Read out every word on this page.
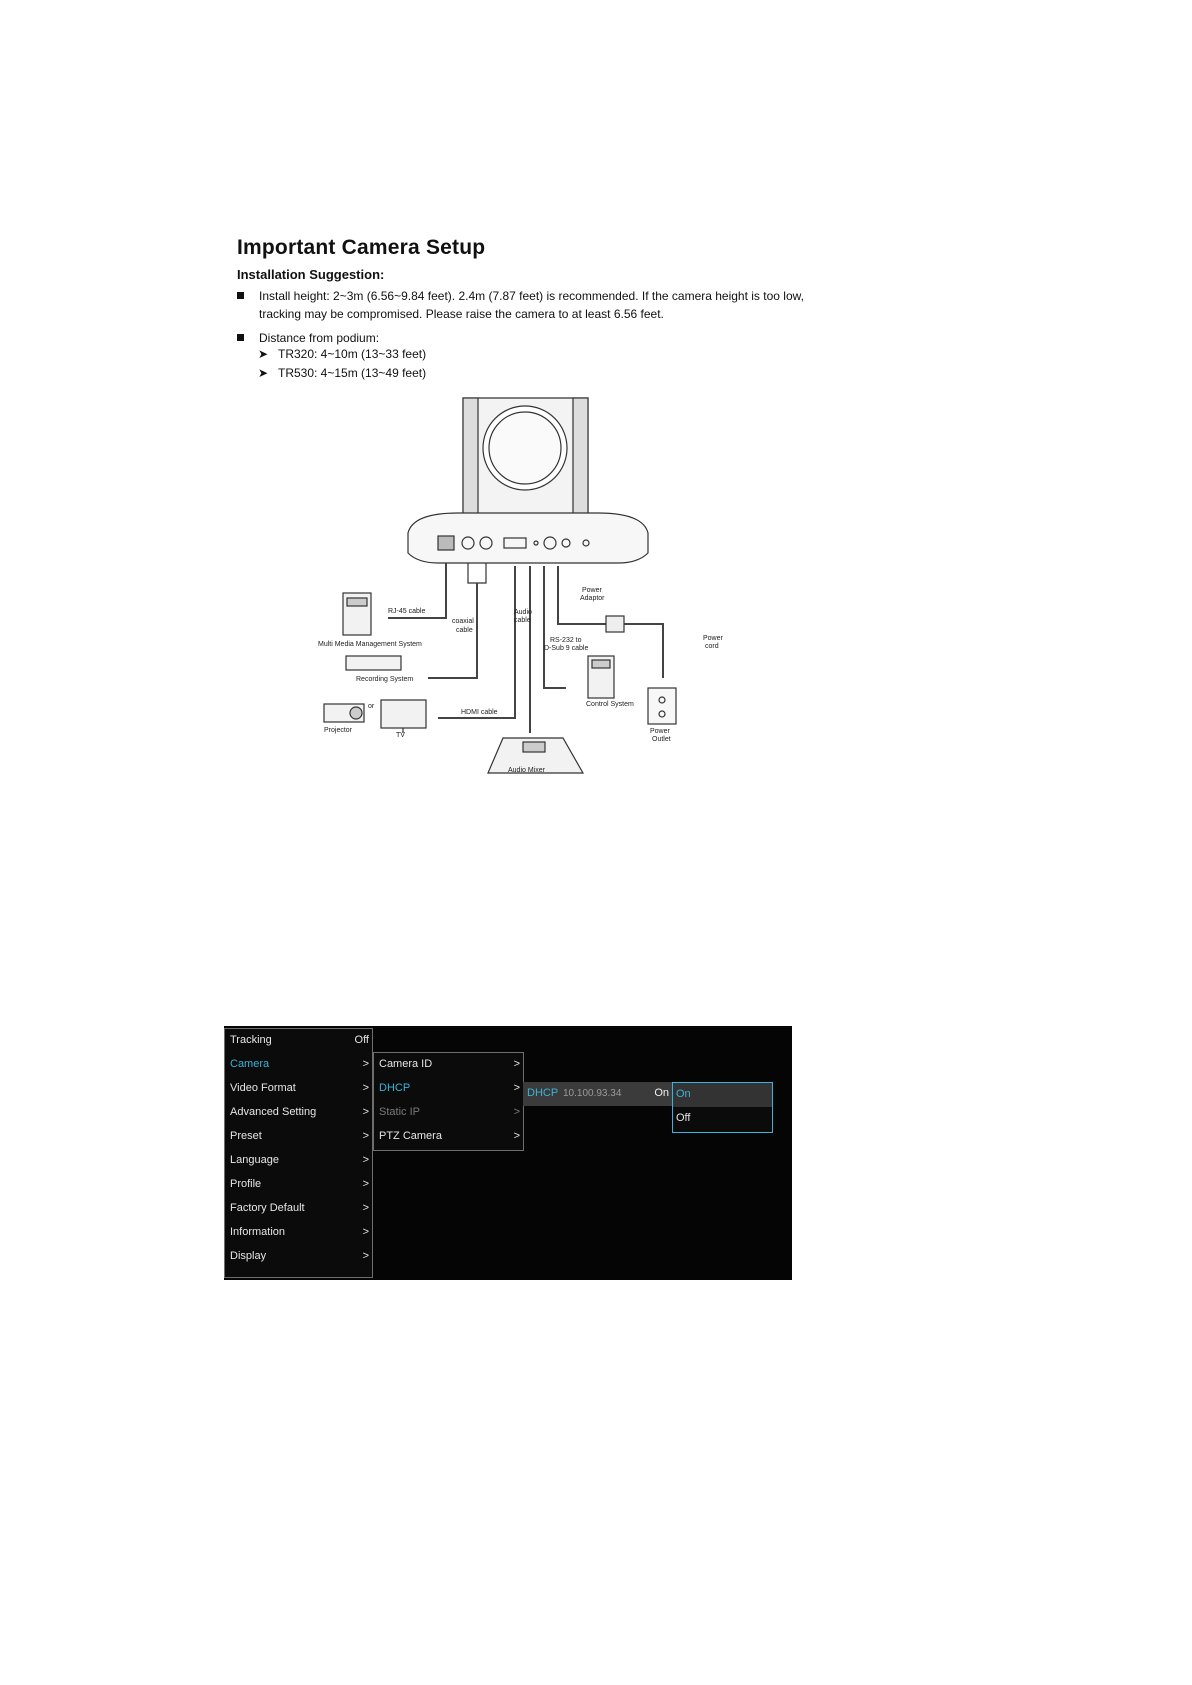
Important Camera Setup
Installation Suggestion:
Install height: 2~3m (6.56~9.84 feet). 2.4m (7.87 feet) is recommended. If the camera height is too low, tracking may be compromised. Please raise the camera to at least 6.56 feet.
Distance from podium:
➤ TR320: 4~10m (13~33 feet)
➤ TR530: 4~15m (13~49 feet)
RJ-45 cable
Multi Media Management System
coaxial
cable
Recording System
HDMI cable
Projector
or
TV
Audio
cable
Audio Mixer
RS-232 to
D-Sub 9 cable
Control System
Power
Adaptor
Power
cord
Power
Outlet
Tracking	Off
Camera	>
Video Format	>
Advanced Setting	>
Preset	>
Language	>
Profile	>
Factory Default	>
Information	>
Display	>
Camera ID	>
DHCP	>
Static IP	>
PTZ Camera	>
DHCP 10.100.93.34	On On
Off
